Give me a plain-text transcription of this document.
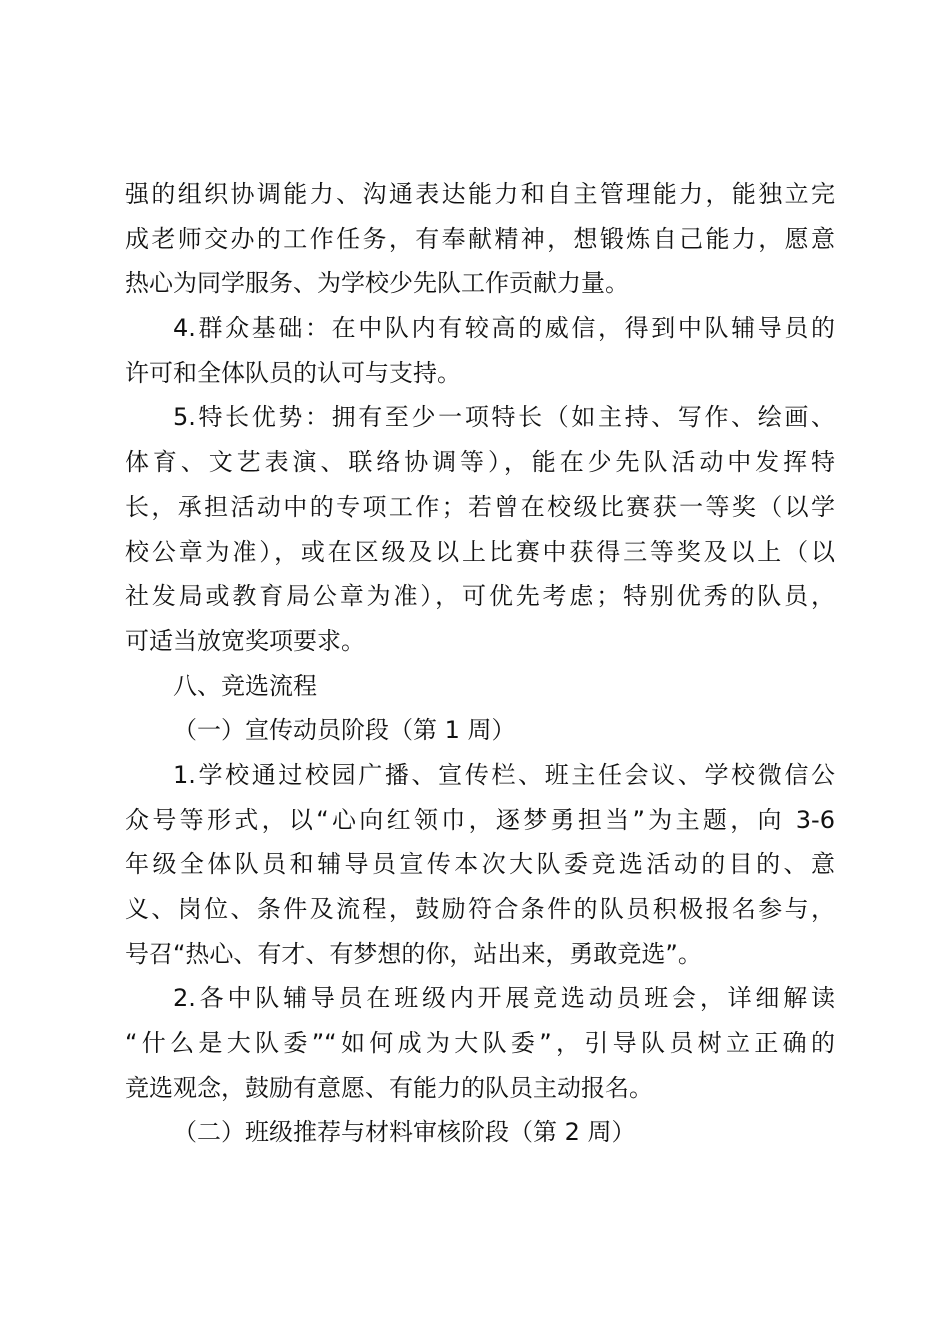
强的组织协调能力、沟通表达能力和自主管理能力，能独立完
成老师交办的工作任务，有奉献精神，想锻炼自己能力，愿意
热心为同学服务、为学校少先队工作贡献力量。
4.群众基础：在中队内有较高的威信，得到中队辅导员的
许可和全体队员的认可与支持。
5.特长优势：拥有至少一项特长（如主持、写作、绘画、
体育、文艺表演、联络协调等），能在少先队活动中发挥特
长，承担活动中的专项工作；若曾在校级比赛获一等奖（以学
校公章为准），或在区级及以上比赛中获得三等奖及以上（以
社发局或教育局公章为准），可优先考虑；特别优秀的队员，
可适当放宽奖项要求。
八、竞选流程
（一）宣传动员阶段（第 1 周）
1.学校通过校园广播、宣传栏、班主任会议、学校微信公
众号等形式，以“心向红领巾，逐梦勇担当”为主题，向 3-6
年级全体队员和辅导员宣传本次大队委竞选活动的目的、意
义、岗位、条件及流程，鼓励符合条件的队员积极报名参与，
号召“热心、有才、有梦想的你，站出来，勇敢竞选”。
2.各中队辅导员在班级内开展竞选动员班会，详细解读
“什么是大队委”“如何成为大队委”，引导队员树立正确的
竞选观念，鼓励有意愿、有能力的队员主动报名。
（二）班级推荐与材料审核阶段（第 2 周）
